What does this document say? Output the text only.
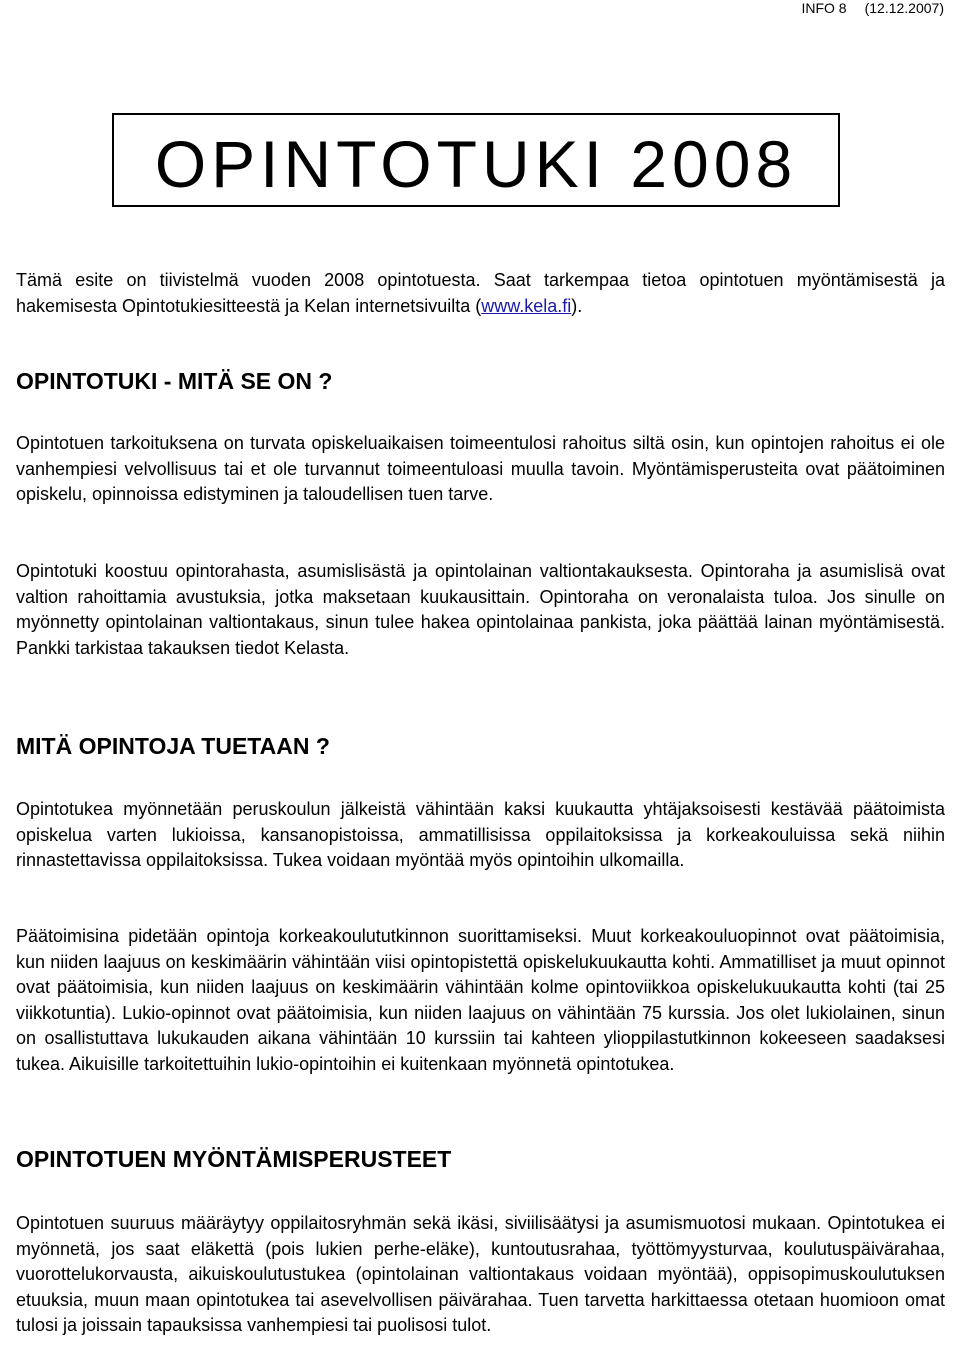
INFO 8 (12.12.2007)
OPINTOTUKI 2008

Tämä esite on tiivistelmä vuoden 2008 opintotuesta. Saat tarkempaa tietoa opintotuen myöntämisestä ja hakemisesta Opintotukiesitteestä ja Kelan internetsivuilta (www.kela.fi).

OPINTOTUKI - MITÄ SE ON ?

Opintotuen tarkoituksena on turvata opiskeluaikaisen toimeentulosi rahoitus siltä osin, kun opintojen rahoitus ei ole vanhempiesi velvollisuus tai et ole turvannut toimeentuloasi muulla tavoin. Myöntämisperusteita ovat päätoiminen opiskelu, opinnoissa edistyminen ja taloudellisen tuen tarve.

Opintotuki koostuu opintorahasta, asumislisästä ja opintolainan valtiontakauksesta. Opintoraha ja asumislisä ovat valtion rahoittamia avustuksia, jotka maksetaan kuukausittain. Opintoraha on veronalaista tuloa. Jos sinulle on myönnetty opintolainan valtiontakaus, sinun tulee hakea opintolainaa pankista, joka päättää lainan myöntämisestä. Pankki tarkistaa takauksen tiedot Kelasta.

MITÄ OPINTOJA TUETAAN ?

Opintotukea myönnetään peruskoulun jälkeistä vähintään kaksi kuukautta yhtäjaksoisesti kestävää päätoimista opiskelua varten lukioissa, kansanopistoissa, ammatillisissa oppilaitoksissa ja korkeakouluissa sekä niihin rinnastettavissa oppilaitoksissa. Tukea voidaan myöntää myös opintoihin ulkomailla.

Päätoimisina pidetään opintoja korkeakoulututkinnon suorittamiseksi. Muut korkeakouluopinnot ovat päätoimisia, kun niiden laajuus on keskimäärin vähintään viisi opintopistettä opiskelukuukautta kohti. Ammatilliset ja muut opinnot ovat päätoimisia, kun niiden laajuus on keskimäärin vähintään kolme opintoviikkoa opiskelukuukautta kohti (tai 25 viikkotuntia). Lukio-opinnot ovat päätoimisia, kun niiden laajuus on vähintään 75 kurssia. Jos olet lukiolainen, sinun on osallistuttava lukukauden aikana vähintään 10 kurssiin tai kahteen ylioppilastutkinnon kokeeseen saadaksesi tukea. Aikuisille tarkoitettuihin lukio-opintoihin ei kuitenkaan myönnetä opintotukea.

OPINTOTUEN MYÖNTÄMISPERUSTEET

Opintotuen suuruus määräytyy oppilaitosryhmän sekä ikäsi, siviilisäätysi ja asumismuotosi mukaan. Opintotukea ei myönnetä, jos saat eläkettä (pois lukien perhe-eläke), kuntoutusrahaa, työttömyysturvaa, koulutuspäivärahaa, vuorottelukorvausta, aikuiskoulutustukea (opintolainan valtiontakaus voidaan myöntää), oppisopimuskoulutuksen etuuksia, muun maan opintotukea tai asevelvollisen päivärahaa. Tuen tarvetta harkittaessa otetaan huomioon omat tulosi ja joissain tapauksissa vanhempiesi tai puolisosi tulot.
